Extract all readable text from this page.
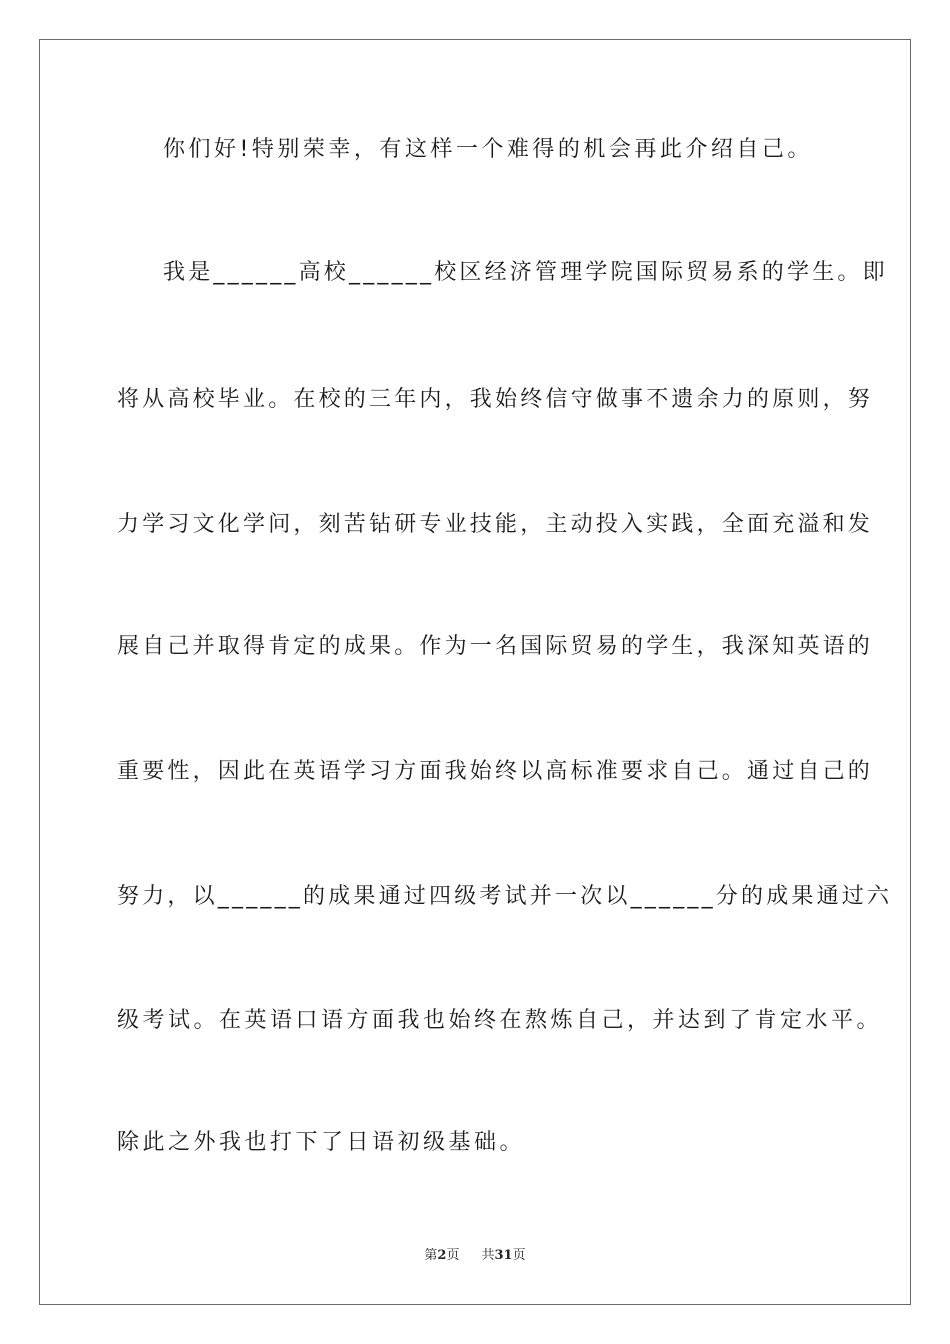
你们好!特别荣幸，有这样一个难得的机会再此介绍自己。
我是______高校______校区经济管理学院国际贸易系的学生。即
将从高校毕业。在校的三年内，我始终信守做事不遗余力的原则，努
力学习文化学问，刻苦钻研专业技能，主动投入实践，全面充溢和发
展自己并取得肯定的成果。作为一名国际贸易的学生，我深知英语的
重要性，因此在英语学习方面我始终以高标准要求自己。通过自己的
努力，以______的成果通过四级考试并一次以______分的成果通过六
级考试。在英语口语方面我也始终在熬炼自己，并达到了肯定水平。
除此之外我也打下了日语初级基础。
第2页 共31页
